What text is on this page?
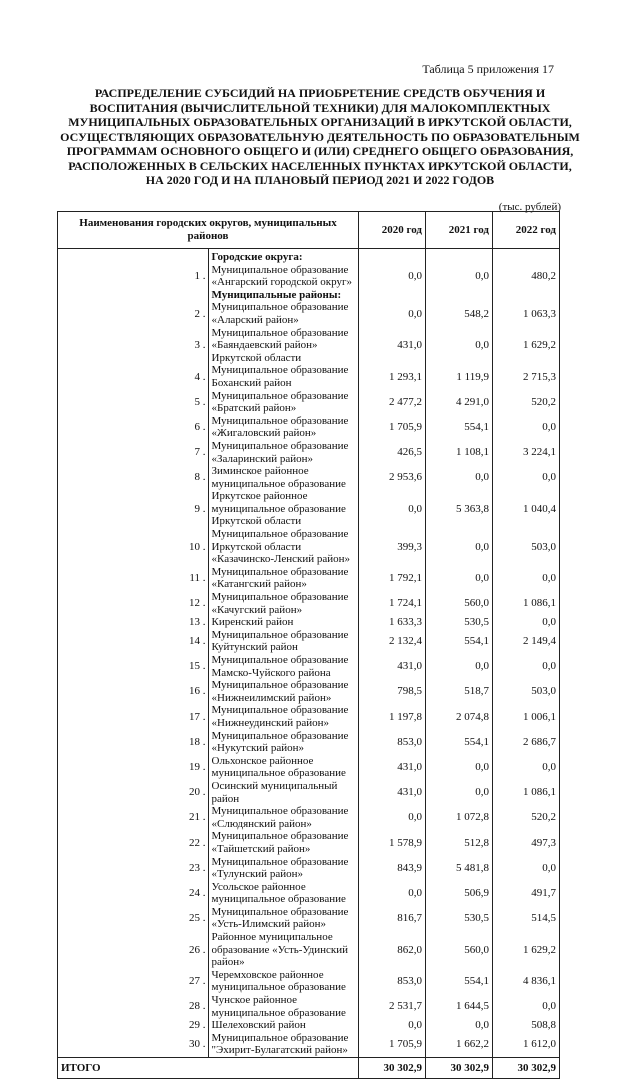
Таблица 5 приложения 17
РАСПРЕДЕЛЕНИЕ СУБСИДИЙ НА ПРИОБРЕТЕНИЕ СРЕДСТВ ОБУЧЕНИЯ И
ВОСПИТАНИЯ (ВЫЧИСЛИТЕЛЬНОЙ ТЕХНИКИ) ДЛЯ МАЛОКОМПЛЕКТНЫХ
МУНИЦИПАЛЬНЫХ ОБРАЗОВАТЕЛЬНЫХ ОРГАНИЗАЦИЙ В ИРКУТСКОЙ ОБЛАСТИ,
ОСУЩЕСТВЛЯЮЩИХ ОБРАЗОВАТЕЛЬНУЮ ДЕЯТЕЛЬНОСТЬ ПО ОБРАЗОВАТЕЛЬНЫМ
ПРОГРАММАМ ОСНОВНОГО ОБЩЕГО И (ИЛИ) СРЕДНЕГО ОБЩЕГО ОБРАЗОВАНИЯ,
РАСПОЛОЖЕННЫХ В СЕЛЬСКИХ НАСЕЛЕННЫХ ПУНКТАХ ИРКУТСКОЙ ОБЛАСТИ,
НА 2020 ГОД И НА ПЛАНОВЫЙ ПЕРИОД 2021 И 2022 ГОДОВ
(тыс. рублей)
Наименования городских округов, муниципальных районов		2020 год	2021 год	2022 год
	Городские округа:			
1 .	Муниципальное образование «Ангарский городской округ»	0,0	0,0	480,2
	Муниципальные районы:			
2 .	Муниципальное образование «Аларский район»	0,0	548,2	1 063,3
3 .	Муниципальное образование «Баяндаевский район» Иркутской области	431,0	0,0	1 629,2
4 .	Муниципальное образование Боханский район	1 293,1	1 119,9	2 715,3
5 .	Муниципальное образование «Братский район»	2 477,2	4 291,0	520,2
6 .	Муниципальное образование «Жигаловский район»	1 705,9	554,1	0,0
7 .	Муниципальное образование «Заларинский район»	426,5	1 108,1	3 224,1
8 .	Зиминское районное муниципальное образование	2 953,6	0,0	0,0
9 .	Иркутское районное муниципальное образование Иркутской области	0,0	5 363,8	1 040,4
10 .	Муниципальное образование Иркутской области «Казачинско-Ленский район»	399,3	0,0	503,0
11 .	Муниципальное образование «Катангский район»	1 792,1	0,0	0,0
12 .	Муниципальное образование «Качугский район»	1 724,1	560,0	1 086,1
13 .	Киренский район	1 633,3	530,5	0,0
14 .	Муниципальное образование Куйтунский район	2 132,4	554,1	2 149,4
15 .	Муниципальное образование Мамско-Чуйского района	431,0	0,0	0,0
16 .	Муниципальное образование «Нижнеилимский район»	798,5	518,7	503,0
17 .	Муниципальное образование «Нижнеудинский район»	1 197,8	2 074,8	1 006,1
18 .	Муниципальное образование «Нукутский район»	853,0	554,1	2 686,7
19 .	Ольхонское районное муниципальное образование	431,0	0,0	0,0
20 .	Осинский муниципальный район	431,0	0,0	1 086,1
21 .	Муниципальное образование «Слюдянский район»	0,0	1 072,8	520,2
22 .	Муниципальное образование «Тайшетский район»	1 578,9	512,8	497,3
23 .	Муниципальное образование «Тулунский район»	843,9	5 481,8	0,0
24 .	Усольское районное муниципальное образование	0,0	506,9	491,7
25 .	Муниципальное образование «Усть-Илимский район»	816,7	530,5	514,5
26 .	Районное муниципальное образование «Усть-Удинский район»	862,0	560,0	1 629,2
27 .	Черемховское районное муниципальное образование	853,0	554,1	4 836,1
28 .	Чунское районное муниципальное образование	2 531,7	1 644,5	0,0
29 .	Шелеховский район	0,0	0,0	508,8
30 .	Муниципальное образование "Эхирит-Булагатский район»	1 705,9	1 662,2	1 612,0
ИТОГО		30 302,9	30 302,9	30 302,9
